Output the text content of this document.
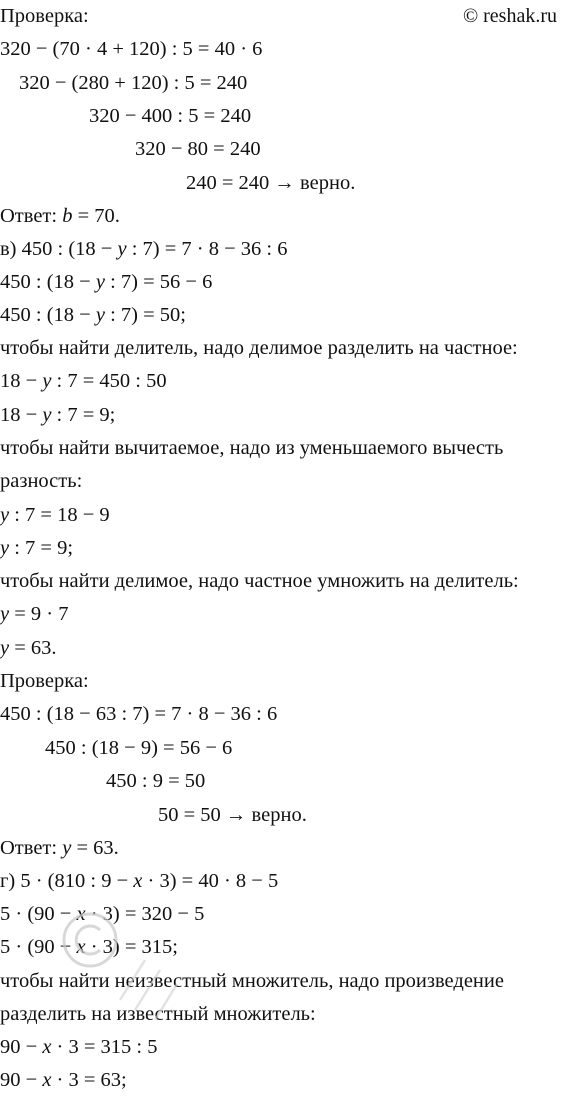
© reshak.ru
Проверка:
320 − (70 · 4 + 120) : 5 = 40 · 6
320 − (280 + 120) : 5 = 240
320 − 400 : 5 = 240
320 − 80 = 240
240 = 240 → верно.
Ответ: b = 70.
в) 450 : (18 − y : 7) = 7 · 8 − 36 : 6
450 : (18 − y : 7) = 56 − 6
450 : (18 − y : 7) = 50;
чтобы найти делитель, надо делимое разделить на частное:
18 − y : 7 = 450 : 50
18 − y : 7 = 9;
чтобы найти вычитаемое, надо из уменьшаемого вычесть
разность:
y : 7 = 18 − 9
y : 7 = 9;
чтобы найти делимое, надо частное умножить на делитель:
y = 9 · 7
y = 63.
Проверка:
450 : (18 − 63 : 7) = 7 · 8 − 36 : 6
450 : (18 − 9) = 56 − 6
450 : 9 = 50
50 = 50 → верно.
Ответ: y = 63.
г) 5 · (810 : 9 − x · 3) = 40 · 8 − 5
5 · (90 − x · 3) = 320 − 5
5 · (90 − x · 3) = 315;
чтобы найти неизвестный множитель, надо произведение
разделить на известный множитель:
90 − x · 3 = 315 : 5
90 − x · 3 = 63;
